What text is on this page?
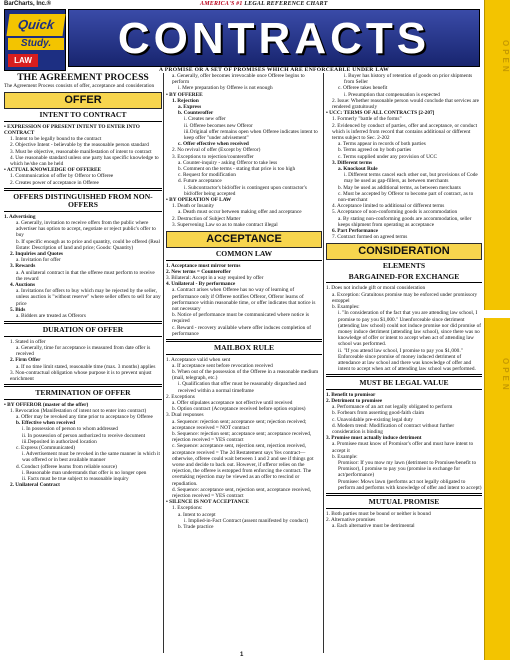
BarCharts, Inc.®	AMERICA'S #1 LEGAL REFERENCE CHART
Quick
Study.
LAW	CONTRACTS
A PROMISE OR A SET OF PROMISES WHICH ARE ENFORCEABLE UNDER LAW	OPEN
OPEN
THE AGREEMENT PROCESS
The Agreement Process consists of offer, acceptance and consideration
OFFER
INTENT TO CONTRACT
• EXPRESSION OF PRESENT INTENT TO ENTER INTO CONTRACT
1. Intent to be legally bound to the contract
2. Objective Intent - believable by the reasonable person standard
3. Must be objective, reasonable manifestation of intent to contract
4. Use reasonable standard unless one party has specific knowledge to which he/she can be held
• ACTUAL KNOWLEDGE OF OFFEREE
1. Communication of offer by Offeror to Offeree
2. Creates power of acceptance in Offeree
OFFERS DISTINGUISHED FROM NON-OFFERS
1. Advertising
a. Generally, invitation to receive offers from the public where advertiser has option to accept, negotiate or reject public's offer to buy
b. If specific enough as to price and quantity, could be offered (Real Estate: Description of land and price; Goods: Quantity)
2. Inquiries and Quotes
a. Invitation for offer
3. Rewards
a. A unilateral contract in that the offeree must perform to receive the reward
4. Auctions
a. Invitations for offers to buy which may be rejected by the seller, unless auction is "without reserve" where seller offers to sell for any price
5. Bids
a. Bidders are treated as Offerors
DURATION OF OFFER
1. Stated in offer
a. Generally, time for acceptance is measured from date offer is received
2. Firm Offer
a. If no time limit stated, reasonable time (max. 3 months) applies
3. Non-contractual obligation whose purpose it is to prevent unjust enrichment
TERMINATION OF OFFER
• BY OFFEROR (master of the offer)
1. Revocation (Manifestation of intent not to enter into contract)
a. Offer may be revoked any time prior to acceptance by Offeree
b. Effective when received
i. In possession of person to whom addressed
ii. In possession of person authorized to receive document
iii.Deposited in authorized location
c. Express (Communicated)
i. Advertisement must be revoked in the same manner in which it was offered or in best available manner
d. Conduct (offeree learns from reliable source)
i. Reasonable man understands that offer is no longer open
ii. Facts must be true subject to reasonable inquiry
2. Unilateral Contract
a. Generally, offer becomes irrevocable once Offeree begins to perform
i. Mere preparation by Offeree is not enough
• BY OFFEREE
1. Rejection
a. Express
b. Counteroffer
i. Creates new offer
ii. Offeree becomes new Offeror
iii.Original offer remains open when Offeree indicates intent to keep offer "under advisement"
c. Offer effective when received
2. No revival of offer (Except by Offeror)
3. Exceptions to rejection/counteroffer
a. Counter-inquiry - asking Offeror to take less
b. Comment on the terms - stating that price is too high
c. Request for modification
d. Future acceptance
i. Subcontractor's bid/offer is contingent upon contractor's bid/offer being accepted
• BY OPERATION OF LAW
1. Death or Insanity
a. Death must occur between making offer and acceptance
2. Destruction of Subject Matter
3. Supervening Law so as to make contract illegal
ACCEPTANCE
COMMON LAW
1. Acceptance must mirror terms
2. New terms = Counteroffer
3. Bilateral: Accept in a way required by offer
4. Unilateral - By performance
a. Contract arises when Offeree has no way of learning of performance only if Offeree notifies Offeror, Offeror learns of performance within reasonable time, or offer indicates that notice is not necessary
b. Notice of performance must be communicated where notice is required
c. Reward - recovery available where offer induces completion of performance
MAILBOX RULE
1. Acceptance valid when sent
a. If acceptance sent before revocation received
b. When out of the possession of the Offeree in a reasonable medium (mail, telegraph, etc.)
i. Qualification that offer must be reasonably dispatched and received within a normal timeframe
2. Exceptions
a. Offer stipulates acceptance not effective until received
b. Option contract (Acceptance received before option expires)
3. Dual responses
a. Sequence: rejection sent; acceptance sent; rejection received; acceptance received = NOT contract
b. Sequence: rejection sent; acceptance sent; acceptance received, rejection received = YES contract
c. Sequence: acceptance sent, rejection sent, rejection received, acceptance received = The 2d Restatement says Yes contract—otherwise, offeree could wait between 1 and 2 and see if things got worse and decide to back out. However, if offeror relies on the rejection, the offeree is estopped from enforcing the contract. The overtaking rejection may be viewed as an offer to rescind or repudiation.
d. Sequence: acceptance sent, rejection sent, acceptance received, rejection received = YES contract
• SILENCE IS NOT ACCEPTANCE
1. Exceptions:
a. Intent to accept
i. Implied-in-Fact Contract (assent manifested by conduct)
b. Trade practice
i. Buyer has history of retention of goods on prior shipments from Seller
c. Offeree takes benefit
i. Presumption that compensation is expected
2. Issue: Whether reasonable person would conclude that services are rendered gratuitously
• UCC: TERMS OF ALL CONTRACTS [2-207]
1. Formerly "battle of the forms"
2. Evidenced by conduct of parties, offer and acceptance, or conduct which is inferred from record that contains additional or different terms subject to Sec. 2-202
a. Terms appear in records of both parties
b. Terms agreed on by both parties
c. Terms supplied under any provision of UCC
3. Different terms
a. Knockout Rule
i. Different terms cancel each other out, but provisions of Code may be used as gap-fillers, as between merchants
b. May be used as additional terms, as between merchants
c. Must be accepted by Offeror to become part of contract, as to non-merchant
4. Acceptance limited to additional or different terms
5. Acceptance of non-conforming goods is accommodation
a. By stating non-conforming goods are accommodation, seller keeps shipment from operating as acceptance
6. Part Performance
7. Contract formed on agreed terms
CONSIDERATION
ELEMENTS
BARGAINED-FOR EXCHANGE
1. Does not include gift or moral consideration
a. Exception: Gratuitous promise may be enforced under promissory estoppel
b. Examples:
i. "In consideration of the fact that you are attending law school, I promise to pay you $1,000." Unenforceable since detriment (attending law school) could not induce promise nor did promise of money induce detriment (attending law school), since there was no knowledge of offer or intent to accept when act of attending law school was performed.
ii. "If you attend law school, I promise to pay you $1,000." Enforceable since promise of money induced detriment of attendance at law school and there was knowledge of offer and intent to accept when act of attending law school was performed.
MUST BE LEGAL VALUE
1. Benefit to promisor
2. Detriment to promisee
a. Performance of an act not legally obligated to perform
b. Forbears from asserting good-faith claim
c. Unavoidable pre-existing legal duty
d. Modern trend: Modification of contract without further consideration is binding
3. Promise must actually induce detriment
a. Promisee must know of Promisor's offer and must have intent to accept it
b. Example:
Promisor: If you mow my lawn (detriment to Promisee/benefit to Promisor), I promise to pay you (promise in exchange for act/performance)
Promisee: Mows lawn (performs act not legally obligated to perform and performs with knowledge of offer and intent to accept)
MUTUAL PROMISE
1. Both parties must be bound or neither is bound
2. Alternative promises
a. Each alternative must be detrimental
1
